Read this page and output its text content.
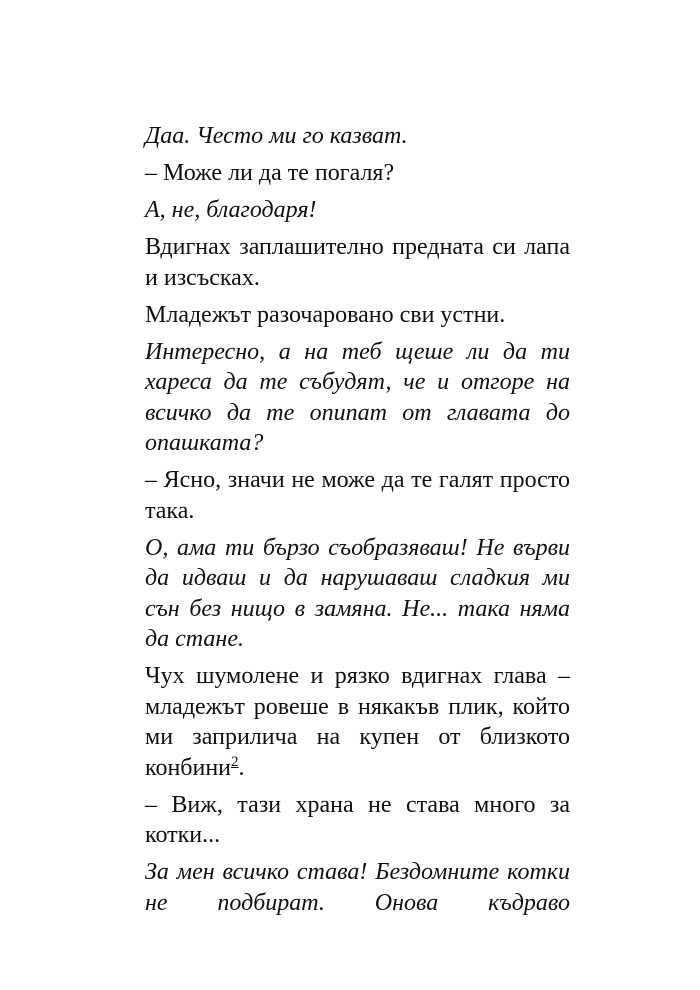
Даа. Често ми го казват.

– Може ли да те погаля?

А, не, благодаря!

Вдигнах заплашително предната си лапа и изсъсках.

Младежът разочаровано сви устни.

Интересно, а на теб щеше ли да ти хареса да те събудят, че и отгоре на всичко да те опипат от главата до опашката?

– Ясно, значи не може да те галят просто така.

О, ама ти бързо съобразяваш! Не върви да идваш и да нарушаваш сладкия ми сън без нищо в замяна. Не... така няма да стане.

Чух шумолене и рязко вдигнах глава – младежът ровеше в някакъв плик, който ми заприлича на купен от близкото конбини$^2$.

– Виж, тази храна не става много за котки...

За мен всичко става! Бездомните котки не подбират. Онова къдраво
